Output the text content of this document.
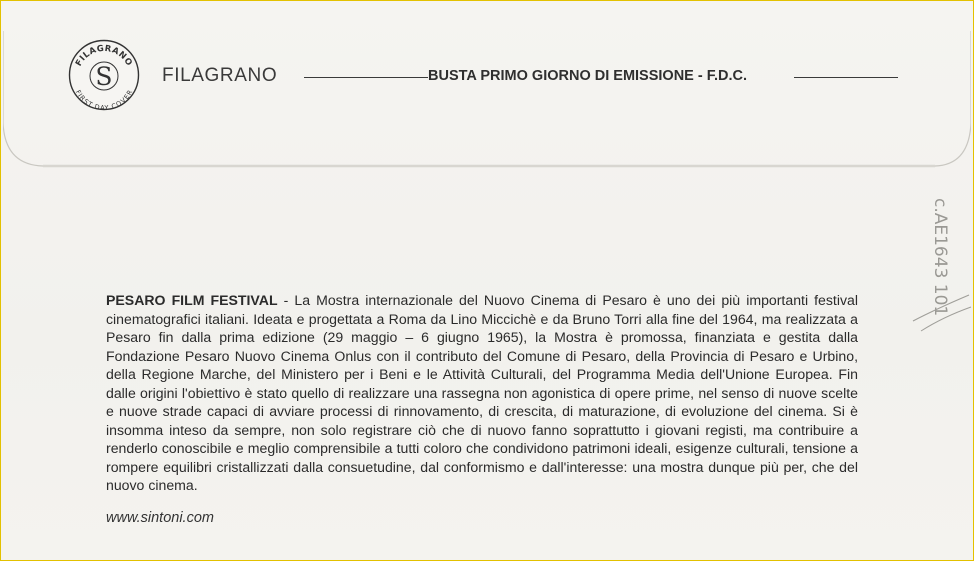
FILAGRANO
S
FIRST DAY COVER
FILAGRANO	BUSTA PRIMO GIORNO DI EMISSIONE - F.D.C.
c.AE1643 101
PESARO FILM FESTIVAL - La Mostra internazionale del Nuovo Cinema di Pesaro è uno dei più importanti festival cinematografici italiani. Ideata e progettata a Roma da Lino Miccichè e da Bruno Torri alla fine del 1964, ma realizzata a Pesaro fin dalla prima edizione (29 maggio – 6 giugno 1965), la Mostra è promossa, finanziata e gestita dalla Fondazione Pesaro Nuovo Cinema Onlus con il contributo del Comune di Pesaro, della Provincia di Pesaro e Urbino, della Regione Marche, del Ministero per i Beni e le Attività Culturali, del Programma Media dell'Unione Europea. Fin dalle origini l'obiettivo è stato quello di realizzare una rassegna non agonistica di opere prime, nel senso di nuove scelte e nuove strade capaci di avviare processi di rinnovamento, di crescita, di maturazione, di evoluzione del cinema. Si è insomma inteso da sempre, non solo registrare ciò che di nuovo fanno soprattutto i giovani registi, ma contribuire a renderlo conoscibile e meglio comprensibile a tutti coloro che condividono patrimoni ideali, esigenze culturali, tensione a rompere equilibri cristallizzati dalla consuetudine, dal conformismo e dall'interesse: una mostra dunque più per, che del nuovo cinema.
www.sintoni.com
